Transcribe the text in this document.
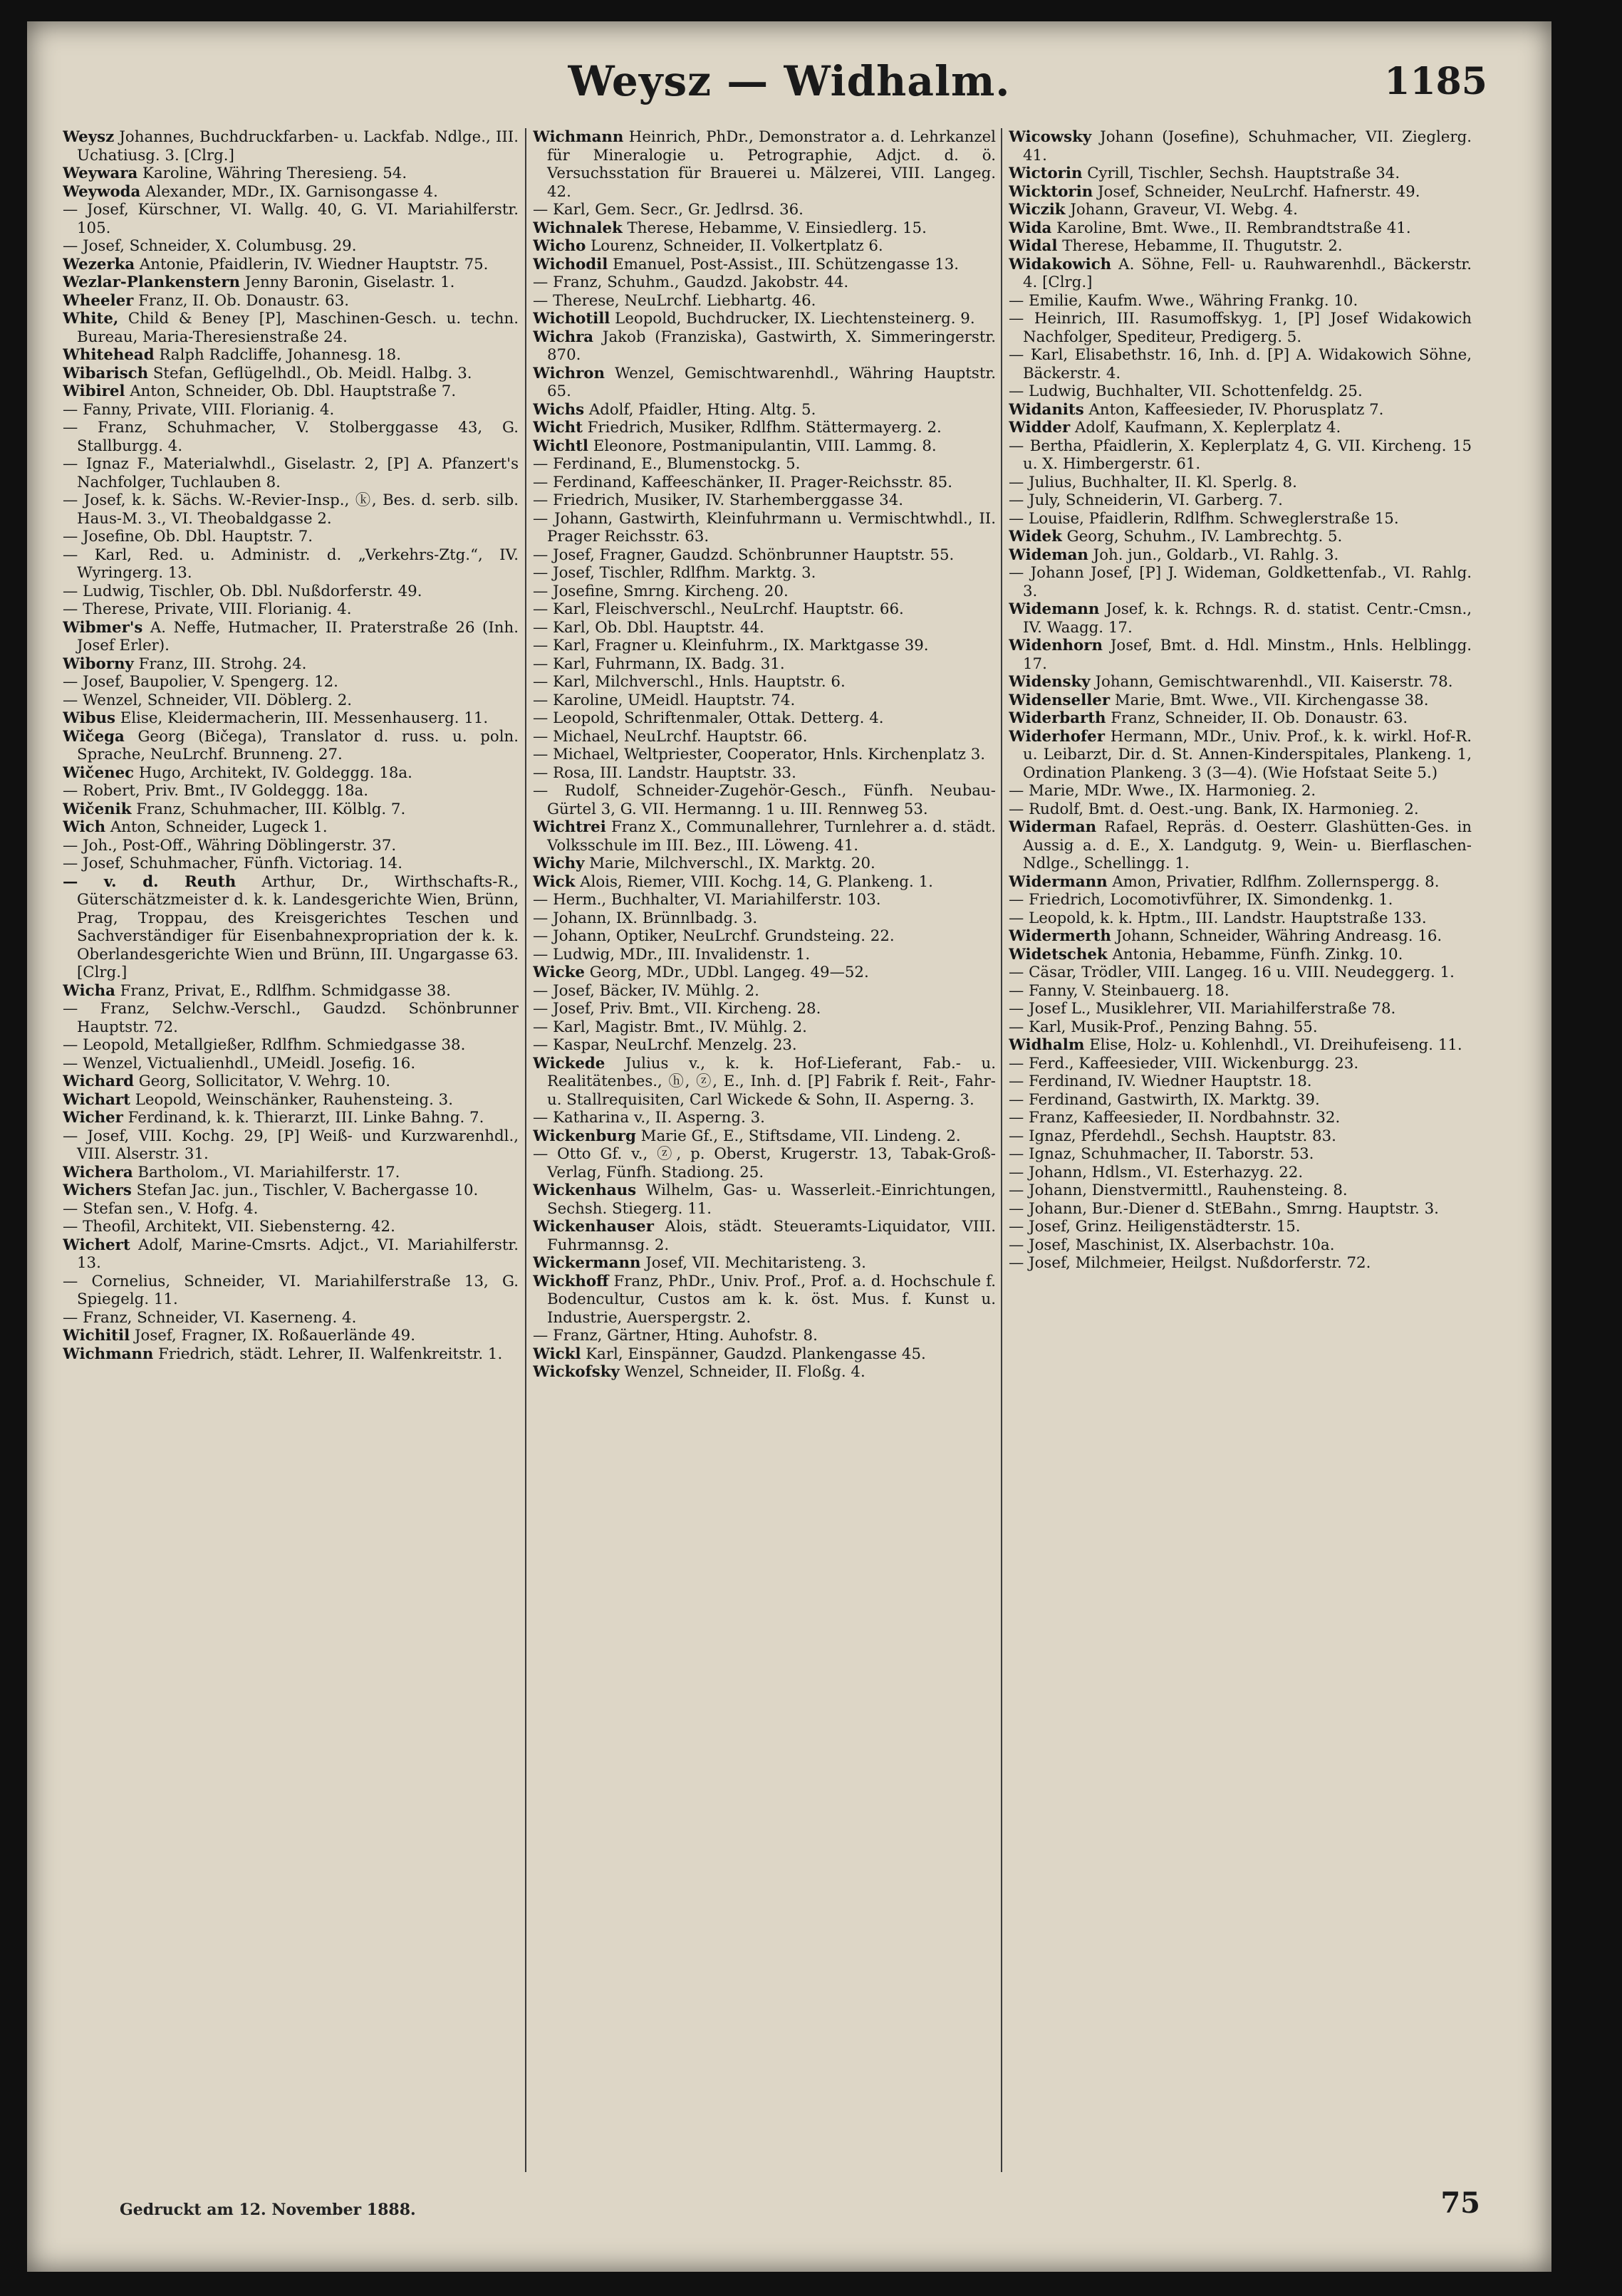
Weysz — Widhalm.	1185

Weysz Johannes, Buchdruckfarben- u. Lackfab. Ndlge., III. Uchatiusg. 3. [Clrg.]

Weywara Karoline, Währing Theresieng. 54.

Weywoda Alexander, MDr., IX. Garnisongasse 4.

— Josef, Kürschner, VI. Wallg. 40, G. VI. Mariahilferstr. 105.

— Josef, Schneider, X. Columbusg. 29.

Wezerka Antonie, Pfaidlerin, IV. Wiedner Hauptstr. 75.

Wezlar-Plankenstern Jenny Baronin, Giselastr. 1.

Wheeler Franz, II. Ob. Donaustr. 63.

White, Child & Beney [P], Maschinen-Gesch. u. techn. Bureau, Maria-Theresienstraße 24.

Whitehead Ralph Radcliffe, Johannesg. 18.

Wibarisch Stefan, Geflügelhdl., Ob. Meidl. Halbg. 3.

Wibirel Anton, Schneider, Ob. Dbl. Hauptstraße 7.

— Fanny, Private, VIII. Florianig. 4.

— Franz, Schuhmacher, V. Stolberggasse 43, G. Stallburgg. 4.

— Ignaz F., Materialwhdl., Giselastr. 2, [P] A. Pfanzert's Nachfolger, Tuchlauben 8.

— Josef, k. k. Sächs. W.-Revier-Insp., ⓚ, Bes. d. serb. silb. Haus-M. 3., VI. Theobaldgasse 2.

— Josefine, Ob. Dbl. Hauptstr. 7.

— Karl, Red. u. Administr. d. „Verkehrs-Ztg.“, IV. Wyringerg. 13.

— Ludwig, Tischler, Ob. Dbl. Nußdorferstr. 49.

— Therese, Private, VIII. Florianig. 4.

Wibmer's A. Neffe, Hutmacher, II. Praterstraße 26 (Inh. Josef Erler).

Wiborny Franz, III. Strohg. 24.

— Josef, Baupolier, V. Spengerg. 12.

— Wenzel, Schneider, VII. Döblerg. 2.

Wibus Elise, Kleidermacherin, III. Messenhauserg. 11.

Wičega Georg (Bičega), Translator d. russ. u. poln. Sprache, NeuLrchf. Brunneng. 27.

Wičenec Hugo, Architekt, IV. Goldeggg. 18a.

— Robert, Priv. Bmt., IV Goldeggg. 18a.

Wičenik Franz, Schuhmacher, III. Kölblg. 7.

Wich Anton, Schneider, Lugeck 1.

— Joh., Post-Off., Währing Döblingerstr. 37.

— Josef, Schuhmacher, Fünfh. Victoriag. 14.

— v. d. Reuth Arthur, Dr., Wirthschafts-R., Güterschätzmeister d. k. k. Landesgerichte Wien, Brünn, Prag, Troppau, des Kreisgerichtes Teschen und Sachverständiger für Eisenbahnexpropriation der k. k. Oberlandesgerichte Wien und Brünn, III. Ungargasse 63. [Clrg.]

Wicha Franz, Privat, E., Rdlfhm. Schmidgasse 38.

— Franz, Selchw.-Verschl., Gaudzd. Schönbrunner Hauptstr. 72.

— Leopold, Metallgießer, Rdlfhm. Schmiedgasse 38.

— Wenzel, Victualienhdl., UMeidl. Josefig. 16.

Wichard Georg, Sollicitator, V. Wehrg. 10.

Wichart Leopold, Weinschänker, Rauhensteing. 3.

Wicher Ferdinand, k. k. Thierarzt, III. Linke Bahng. 7.

— Josef, VIII. Kochg. 29, [P] Weiß- und Kurzwarenhdl., VIII. Alserstr. 31.

Wichera Bartholom., VI. Mariahilferstr. 17.

Wichers Stefan Jac. jun., Tischler, V. Bachergasse 10.

— Stefan sen., V. Hofg. 4.

— Theofil, Architekt, VII. Siebensterng. 42.

Wichert Adolf, Marine-Cmsrts. Adjct., VI. Mariahilferstr. 13.

— Cornelius, Schneider, VI. Mariahilferstraße 13, G. Spiegelg. 11.

— Franz, Schneider, VI. Kaserneng. 4.

Wichitil Josef, Fragner, IX. Roßauerlände 49.

Wichmann Friedrich, städt. Lehrer, II. Walfenkreitstr. 1.

Wichmann Heinrich, PhDr., Demonstrator a. d. Lehrkanzel für Mineralogie u. Petrographie, Adjct. d. ö. Versuchsstation für Brauerei u. Mälzerei, VIII. Langeg. 42.

— Karl, Gem. Secr., Gr. Jedlrsd. 36.

Wichnalek Therese, Hebamme, V. Einsiedlerg. 15.

Wicho Lourenz, Schneider, II. Volkertplatz 6.

Wichodil Emanuel, Post-Assist., III. Schützengasse 13.

— Franz, Schuhm., Gaudzd. Jakobstr. 44.

— Therese, NeuLrchf. Liebhartg. 46.

Wichotill Leopold, Buchdrucker, IX. Liechtensteinerg. 9.

Wichra Jakob (Franziska), Gastwirth, X. Simmeringerstr. 870.

Wichron Wenzel, Gemischtwarenhdl., Währing Hauptstr. 65.

Wichs Adolf, Pfaidler, Hting. Altg. 5.

Wicht Friedrich, Musiker, Rdlfhm. Stättermayerg. 2.

Wichtl Eleonore, Postmanipulantin, VIII. Lammg. 8.

— Ferdinand, E., Blumenstockg. 5.

— Ferdinand, Kaffeeschänker, II. Prager-Reichsstr. 85.

— Friedrich, Musiker, IV. Starhemberggasse 34.

— Johann, Gastwirth, Kleinfuhrmann u. Vermischtwhdl., II. Prager Reichsstr. 63.

— Josef, Fragner, Gaudzd. Schönbrunner Hauptstr. 55.

— Josef, Tischler, Rdlfhm. Marktg. 3.

— Josefine, Smrng. Kircheng. 20.

— Karl, Fleischverschl., NeuLrchf. Hauptstr. 66.

— Karl, Ob. Dbl. Hauptstr. 44.

— Karl, Fragner u. Kleinfuhrm., IX. Marktgasse 39.

— Karl, Fuhrmann, IX. Badg. 31.

— Karl, Milchverschl., Hnls. Hauptstr. 6.

— Karoline, UMeidl. Hauptstr. 74.

— Leopold, Schriftenmaler, Ottak. Detterg. 4.

— Michael, NeuLrchf. Hauptstr. 66.

— Michael, Weltpriester, Cooperator, Hnls. Kirchenplatz 3.

— Rosa, III. Landstr. Hauptstr. 33.

— Rudolf, Schneider-Zugehör-Gesch., Fünfh. Neubau-Gürtel 3, G. VII. Hermanng. 1 u. III. Rennweg 53.

Wichtrei Franz X., Communallehrer, Turnlehrer a. d. städt. Volksschule im III. Bez., III. Löweng. 41.

Wichy Marie, Milchverschl., IX. Marktg. 20.

Wick Alois, Riemer, VIII. Kochg. 14, G. Plankeng. 1.

— Herm., Buchhalter, VI. Mariahilferstr. 103.

— Johann, IX. Brünnlbadg. 3.

— Johann, Optiker, NeuLrchf. Grundsteing. 22.

— Ludwig, MDr., III. Invalidenstr. 1.

Wicke Georg, MDr., UDbl. Langeg. 49—52.

— Josef, Bäcker, IV. Mühlg. 2.

— Josef, Priv. Bmt., VII. Kircheng. 28.

— Karl, Magistr. Bmt., IV. Mühlg. 2.

— Kaspar, NeuLrchf. Menzelg. 23.

Wickede Julius v., k. k. Hof-Lieferant, Fab.- u. Realitätenbes., ⓗ, ⓩ, E., Inh. d. [P] Fabrik f. Reit-, Fahr- u. Stallrequisiten, Carl Wickede & Sohn, II. Asperng. 3.

— Katharina v., II. Asperng. 3.

Wickenburg Marie Gf., E., Stiftsdame, VII. Lindeng. 2.

— Otto Gf. v., ⓩ, p. Oberst, Krugerstr. 13, Tabak-Groß-Verlag, Fünfh. Stadiong. 25.

Wickenhaus Wilhelm, Gas- u. Wasserleit.-Einrichtungen, Sechsh. Stiegerg. 11.

Wickenhauser Alois, städt. Steueramts-Liquidator, VIII. Fuhrmannsg. 2.

Wickermann Josef, VII. Mechitaristeng. 3.

Wickhoff Franz, PhDr., Univ. Prof., Prof. a. d. Hochschule f. Bodencultur, Custos am k. k. öst. Mus. f. Kunst u. Industrie, Auerspergstr. 2.

— Franz, Gärtner, Hting. Auhofstr. 8.

Wickl Karl, Einspänner, Gaudzd. Plankengasse 45.

Wickofsky Wenzel, Schneider, II. Floßg. 4.

Wicowsky Johann (Josefine), Schuhmacher, VII. Zieglerg. 41.

Wictorin Cyrill, Tischler, Sechsh. Hauptstraße 34.

Wicktorin Josef, Schneider, NeuLrchf. Hafnerstr. 49.

Wiczik Johann, Graveur, VI. Webg. 4.

Wida Karoline, Bmt. Wwe., II. Rembrandtstraße 41.

Widal Therese, Hebamme, II. Thugutstr. 2.

Widakowich A. Söhne, Fell- u. Rauhwarenhdl., Bäckerstr. 4. [Clrg.]

— Emilie, Kaufm. Wwe., Währing Frankg. 10.

— Heinrich, III. Rasumoffskyg. 1, [P] Josef Widakowich Nachfolger, Spediteur, Predigerg. 5.

— Karl, Elisabethstr. 16, Inh. d. [P] A. Widakowich Söhne, Bäckerstr. 4.

— Ludwig, Buchhalter, VII. Schottenfeldg. 25.

Widanits Anton, Kaffeesieder, IV. Phorusplatz 7.

Widder Adolf, Kaufmann, X. Keplerplatz 4.

— Bertha, Pfaidlerin, X. Keplerplatz 4, G. VII. Kircheng. 15 u. X. Himbergerstr. 61.

— Julius, Buchhalter, II. Kl. Sperlg. 8.

— July, Schneiderin, VI. Garberg. 7.

— Louise, Pfaidlerin, Rdlfhm. Schweglerstraße 15.

Widek Georg, Schuhm., IV. Lambrechtg. 5.

Wideman Joh. jun., Goldarb., VI. Rahlg. 3.

— Johann Josef, [P] J. Wideman, Goldkettenfab., VI. Rahlg. 3.

Widemann Josef, k. k. Rchngs. R. d. statist. Centr.-Cmsn., IV. Waagg. 17.

Widenhorn Josef, Bmt. d. Hdl. Minstm., Hnls. Helblingg. 17.

Widensky Johann, Gemischtwarenhdl., VII. Kaiserstr. 78.

Widenseller Marie, Bmt. Wwe., VII. Kirchengasse 38.

Widerbarth Franz, Schneider, II. Ob. Donaustr. 63.

Widerhofer Hermann, MDr., Univ. Prof., k. k. wirkl. Hof-R. u. Leibarzt, Dir. d. St. Annen-Kinderspitales, Plankeng. 1, Ordination Plankeng. 3 (3—4). (Wie Hofstaat Seite 5.)

— Marie, MDr. Wwe., IX. Harmonieg. 2.

— Rudolf, Bmt. d. Oest.-ung. Bank, IX. Harmonieg. 2.

Widerman Rafael, Repräs. d. Oesterr. Glashütten-Ges. in Aussig a. d. E., X. Landgutg. 9, Wein- u. Bierflaschen-Ndlge., Schellingg. 1.

Widermann Amon, Privatier, Rdlfhm. Zollernspergg. 8.

— Friedrich, Locomotivführer, IX. Simondenkg. 1.

— Leopold, k. k. Hptm., III. Landstr. Hauptstraße 133.

Widermerth Johann, Schneider, Währing Andreasg. 16.

Widetschek Antonia, Hebamme, Fünfh. Zinkg. 10.

— Cäsar, Trödler, VIII. Langeg. 16 u. VIII. Neudeggerg. 1.

— Fanny, V. Steinbauerg. 18.

— Josef L., Musiklehrer, VII. Mariahilferstraße 78.

— Karl, Musik-Prof., Penzing Bahng. 55.

Widhalm Elise, Holz- u. Kohlenhdl., VI. Dreihufeiseng. 11.

— Ferd., Kaffeesieder, VIII. Wickenburgg. 23.

— Ferdinand, IV. Wiedner Hauptstr. 18.

— Ferdinand, Gastwirth, IX. Marktg. 39.

— Franz, Kaffeesieder, II. Nordbahnstr. 32.

— Ignaz, Pferdehdl., Sechsh. Hauptstr. 83.

— Ignaz, Schuhmacher, II. Taborstr. 53.

— Johann, Hdlsm., VI. Esterhazyg. 22.

— Johann, Dienstvermittl., Rauhensteing. 8.

— Johann, Bur.-Diener d. StEBahn., Smrng. Hauptstr. 3.

— Josef, Grinz. Heiligenstädterstr. 15.

— Josef, Maschinist, IX. Alserbachstr. 10a.

— Josef, Milchmeier, Heilgst. Nußdorferstr. 72.

Gedruckt am 12. November 1888.	75
